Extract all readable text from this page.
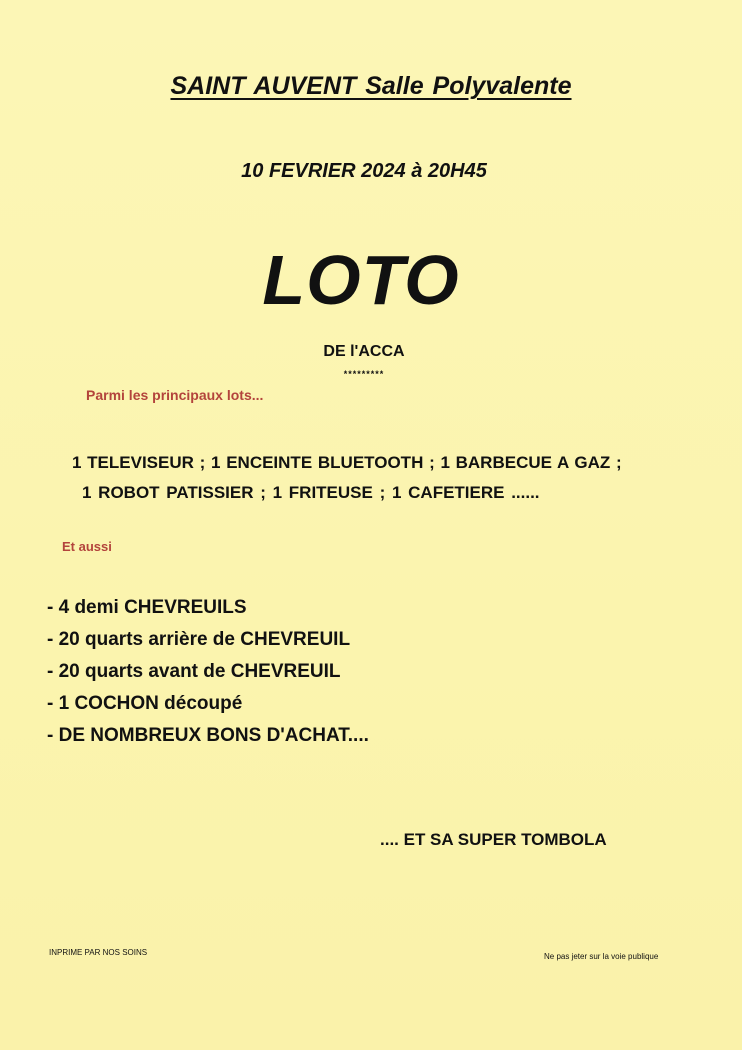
SAINT AUVENT Salle Polyvalente
10 FEVRIER 2024 à 20H45
LOTO
DE l'ACCA
*********
Parmi les principaux lots...
1 TELEVISEUR ; 1 ENCEINTE BLUETOOTH ; 1 BARBECUE A GAZ ;
1 ROBOT PATISSIER ; 1 FRITEUSE ; 1 CAFETIERE ......
Et aussi
- 4 demi CHEVREUILS
- 20 quarts arrière de CHEVREUIL
- 20 quarts avant de CHEVREUIL
- 1 COCHON découpé
- DE NOMBREUX BONS D'ACHAT....
.... ET SA SUPER TOMBOLA
INPRIME PAR NOS SOINS	Ne pas jeter sur la voie publique
